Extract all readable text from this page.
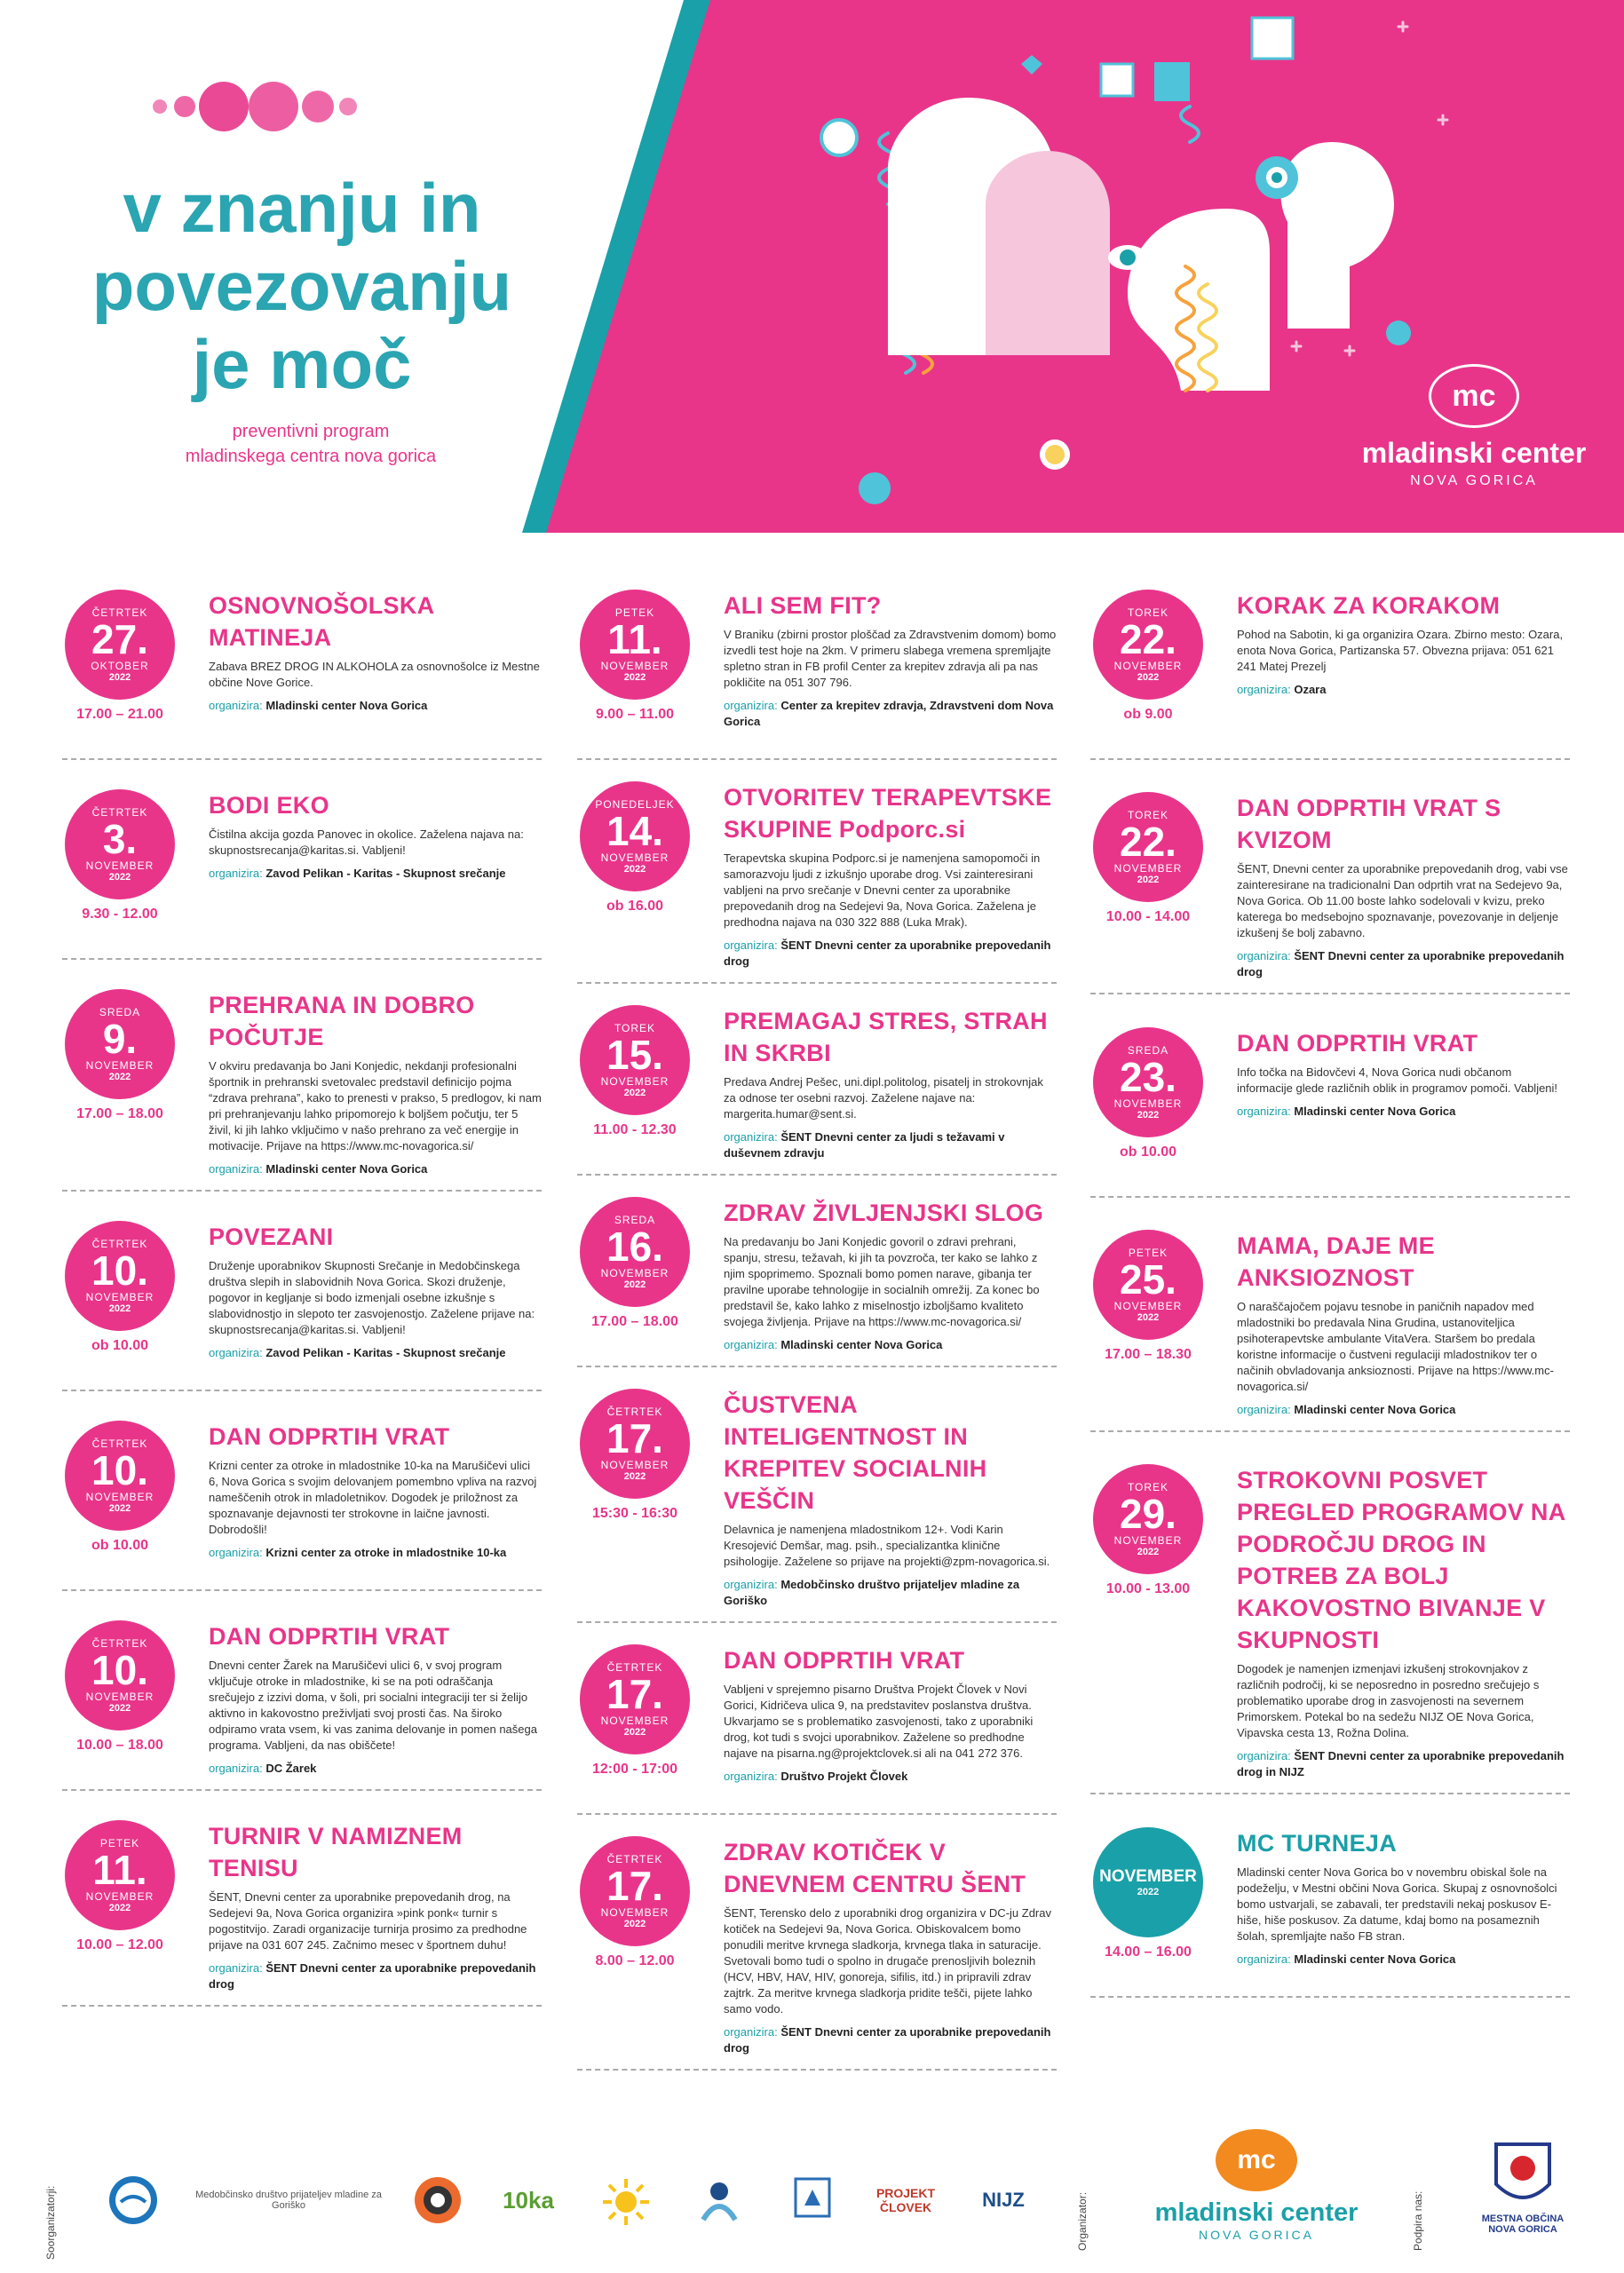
v znanju in
povezovanju
je moč
preventivni program
mladinskega centra nova gorica
mc
mladinski center
NOVA GORICA
ČETRTEK
27.
OKTOBER
2022
17.00 – 21.00
OSNOVNOŠOLSKA MATINEJA
Zabava BREZ DROG IN ALKOHOLA za osnovnošolce iz Mestne občine Nove Gorice.
organizira: Mladinski center Nova Gorica
ČETRTEK
3.
NOVEMBER
2022
9.30 - 12.00
BODI EKO
Čistilna akcija gozda Panovec in okolice. Zaželena najava na: skupnostsrecanja@karitas.si. Vabljeni!
organizira: Zavod Pelikan - Karitas - Skupnost srečanje
SREDA
9.
NOVEMBER
2022
17.00 – 18.00
PREHRANA IN DOBRO POČUTJE
V okviru predavanja bo Jani Konjedic, nekdanji profesionalni športnik in prehranski svetovalec predstavil definicijo pojma “zdrava prehrana”, kako to prenesti v prakso, 5 predlogov, ki nam pri prehranjevanju lahko pripomorejo k boljšem počutju, ter 5 živil, ki jih lahko vključimo v našo prehrano za več energije in motivacije. Prijave na https://www.mc-novagorica.si/
organizira: Mladinski center Nova Gorica
ČETRTEK
10.
NOVEMBER
2022
ob 10.00
POVEZANI
Druženje uporabnikov Skupnosti Srečanje in Medobčinskega društva slepih in slabovidnih Nova Gorica. Skozi druženje, pogovor in kegljanje si bodo izmenjali osebne izkušnje s slabovidnostjo in slepoto ter zasvojenostjo. Zaželene prijave na: skupnostsrecanja@karitas.si. Vabljeni!
organizira: Zavod Pelikan - Karitas - Skupnost srečanje
ČETRTEK
10.
NOVEMBER
2022
ob 10.00
DAN ODPRTIH VRAT
Krizni center za otroke in mladostnike 10-ka na Marušičevi ulici 6, Nova Gorica s svojim delovanjem pomembno vpliva na razvoj nameščenih otrok in mladoletnikov. Dogodek je priložnost za spoznavanje dejavnosti ter strokovne in laične javnosti. Dobrodošli!
organizira: Krizni center za otroke in mladostnike 10-ka
ČETRTEK
10.
NOVEMBER
2022
10.00 – 18.00
DAN ODPRTIH VRAT
Dnevni center Žarek na Marušičevi ulici 6, v svoj program vključuje otroke in mladostnike, ki se na poti odraščanja srečujejo z izzivi doma, v šoli, pri socialni integraciji ter si želijo aktivno in kakovostno preživljati svoj prosti čas. Na široko odpiramo vrata vsem, ki vas zanima delovanje in pomen našega programa. Vabljeni, da nas obiščete!
organizira: DC Žarek
PETEK
11.
NOVEMBER
2022
10.00 – 12.00
TURNIR V NAMIZNEM TENISU
ŠENT, Dnevni center za uporabnike prepovedanih drog, na Sedejevi 9a, Nova Gorica organizira »pink ponk« turnir s pogostitvijo. Zaradi organizacije turnirja prosimo za predhodne prijave na 031 607 245. Začnimo mesec v športnem duhu!
organizira: ŠENT Dnevni center za uporabnike prepovedanih drog
PETEK
11.
NOVEMBER
2022
9.00 – 11.00
ALI SEM FIT?
V Braniku (zbirni prostor ploščad za Zdravstvenim domom) bomo izvedli test hoje na 2km. V primeru slabega vremena spremljajte spletno stran in FB profil Center za krepitev zdravja ali pa nas pokličite na 051 307 796.
organizira: Center za krepitev zdravja, Zdravstveni dom Nova Gorica
PONEDELJEK
14.
NOVEMBER
2022
ob 16.00
OTVORITEV TERAPEVTSKE SKUPINE Podporc.si
Terapevtska skupina Podporc.si je namenjena samopomoči in samorazvoju ljudi z izkušnjo uporabe drog. Vsi zainteresirani vabljeni na prvo srečanje v Dnevni center za uporabnike prepovedanih drog na Sedejevi 9a, Nova Gorica. Zaželena je predhodna najava na 030 322 888 (Luka Mrak).
organizira: ŠENT Dnevni center za uporabnike prepovedanih drog
TOREK
15.
NOVEMBER
2022
11.00 - 12.30
PREMAGAJ STRES, STRAH IN SKRBI
Predava Andrej Pešec, uni.dipl.politolog, pisatelj in strokovnjak za odnose ter osebni razvoj. Zaželene najave na: margerita.humar@sent.si.
organizira: ŠENT Dnevni center za ljudi s težavami v duševnem zdravju
SREDA
16.
NOVEMBER
2022
17.00 – 18.00
ZDRAV ŽIVLJENJSKI SLOG
Na predavanju bo Jani Konjedic govoril o zdravi prehrani, spanju, stresu, težavah, ki jih ta povzroča, ter kako se lahko z njim spoprimemo. Spoznali bomo pomen narave, gibanja ter pravilne uporabe tehnologije in socialnih omrežij. Za konec bo predstavil še, kako lahko z miselnostjo izboljšamo kvaliteto svojega življenja. Prijave na https://www.mc-novagorica.si/
organizira: Mladinski center Nova Gorica
ČETRTEK
17.
NOVEMBER
2022
15:30 - 16:30
ČUSTVENA INTELIGENTNOST IN KREPITEV SOCIALNIH VEŠČIN
Delavnica je namenjena mladostnikom 12+. Vodi Karin Kresojević Demšar, mag. psih., specializantka klinične psihologije. Zaželene so prijave na projekti@zpm-novagorica.si.
organizira: Medobčinsko društvo prijateljev mladine za Goriško
ČETRTEK
17.
NOVEMBER
2022
12:00 - 17:00
DAN ODPRTIH VRAT
Vabljeni v sprejemno pisarno Društva Projekt Človek v Novi Gorici, Kidričeva ulica 9, na predstavitev poslanstva društva. Ukvarjamo se s problematiko zasvojenosti, tako z uporabniki drog, kot tudi s svojci uporabnikov. Zaželene so predhodne najave na pisarna.ng@projektclovek.si ali na 041 272 376.
organizira: Društvo Projekt Človek
ČETRTEK
17.
NOVEMBER
2022
8.00 – 12.00
ZDRAV KOTIČEK V DNEVNEM CENTRU ŠENT
ŠENT, Terensko delo z uporabniki drog organizira v DC-ju Zdrav kotiček na Sedejevi 9a, Nova Gorica. Obiskovalcem bomo ponudili meritve krvnega sladkorja, krvnega tlaka in saturacije. Svetovali bomo tudi o spolno in drugače prenosljivih boleznih (HCV, HBV, HAV, HIV, gonoreja, sifilis, itd.) in pripravili zdrav zajtrk. Za meritve krvnega sladkorja pridite tešči, pijete lahko samo vodo.
organizira: ŠENT Dnevni center za uporabnike prepovedanih drog
TOREK
22.
NOVEMBER
2022
ob 9.00
KORAK ZA KORAKOM
Pohod na Sabotin, ki ga organizira Ozara. Zbirno mesto: Ozara, enota Nova Gorica, Partizanska 57. Obvezna prijava: 051 621 241 Matej Prezelj
organizira: Ozara
TOREK
22.
NOVEMBER
2022
10.00 - 14.00
DAN ODPRTIH VRAT S KVIZOM
ŠENT, Dnevni center za uporabnike prepovedanih drog, vabi vse zainteresirane na tradicionalni Dan odprtih vrat na Sedejevo 9a, Nova Gorica. Ob 11.00 boste lahko sodelovali v kvizu, preko katerega bo medsebojno spoznavanje, povezovanje in deljenje izkušenj še bolj zabavno.
organizira: ŠENT Dnevni center za uporabnike prepovedanih drog
SREDA
23.
NOVEMBER
2022
ob 10.00
DAN ODPRTIH VRAT
Info točka na Bidovčevi 4, Nova Gorica nudi občanom informacije glede različnih oblik in programov pomoči. Vabljeni!
organizira: Mladinski center Nova Gorica
PETEK
25.
NOVEMBER
2022
17.00 – 18.30
MAMA, DAJE ME ANKSIOZNOST
O naraščajočem pojavu tesnobe in paničnih napadov med mladostniki bo predavala Nina Grudina, ustanoviteljica psihoterapevtske ambulante VitaVera. Staršem bo predala koristne informacije o čustveni regulaciji mladostnikov ter o načinih obvladovanja anksioznosti. Prijave na https://www.mc-novagorica.si/
organizira: Mladinski center Nova Gorica
TOREK
29.
NOVEMBER
2022
10.00 - 13.00
STROKOVNI POSVET PREGLED PROGRAMOV NA PODROČJU DROG IN POTREB ZA BOLJ KAKOVOSTNO BIVANJE V SKUPNOSTI
Dogodek je namenjen izmenjavi izkušenj strokovnjakov z različnih področij, ki se neposredno in posredno srečujejo s problematiko uporabe drog in zasvojenosti na severnem Primorskem. Potekal bo na sedežu NIJZ OE Nova Gorica, Vipavska cesta 13, Rožna Dolina.
organizira: ŠENT Dnevni center za uporabnike prepovedanih drog in NIJZ
NOVEMBER
2022
14.00 – 16.00
MC TURNEJA
Mladinski center Nova Gorica bo v novembru obiskal šole na podeželju, v Mestni občini Nova Gorica. Skupaj z osnovnošolci bomo ustvarjali, se zabavali, ter predstavili nekaj poskusov E-hiše, hiše poskusov. Za datume, kdaj bomo na posameznih šolah, spremljajte našo FB stran.
organizira: Mladinski center Nova Gorica
Soorganizatorji:	Organizator:	Podpira nas:
Medobčinsko društvo prijateljev mladine za Goriško	10ka	PROJEKT ČLOVEK	NIJZ
mc
mladinski center
NOVA GORICA
MESTNA OBČINA NOVA GORICA
